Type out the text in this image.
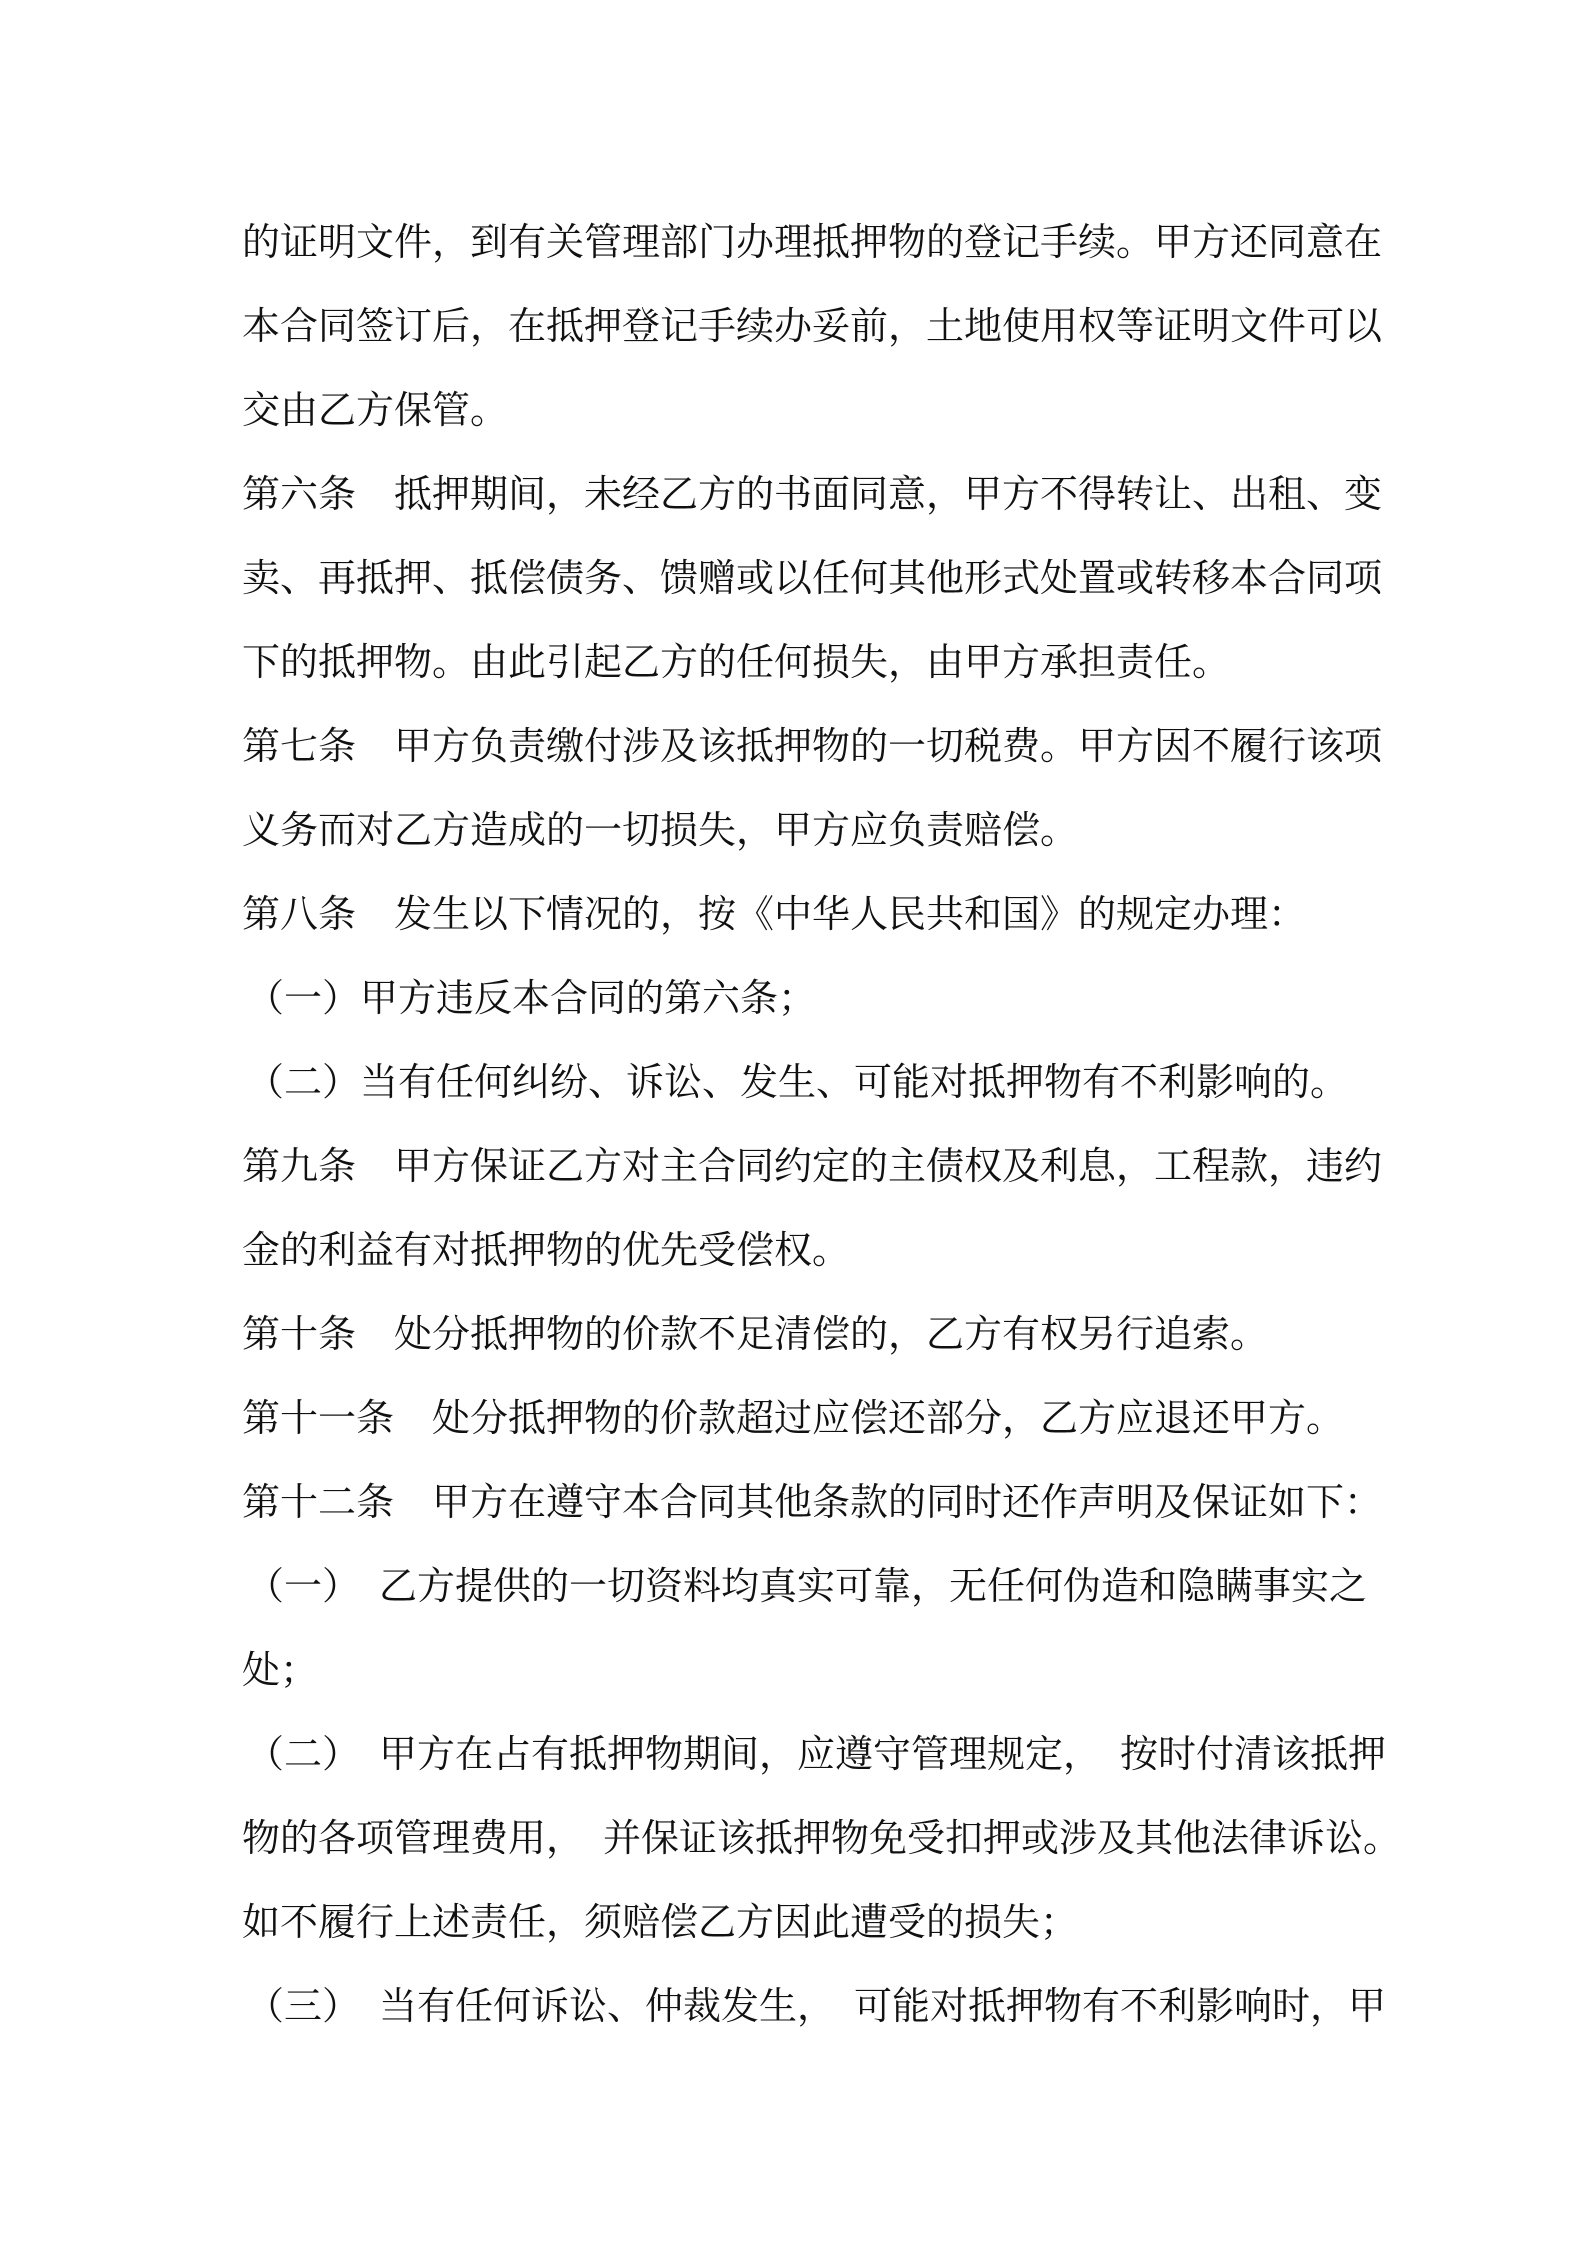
的证明文件，到有关管理部门办理抵押物的登记手续。甲方还同意在
本合同签订后，在抵押登记手续办妥前，土地使用权等证明文件可以
交由乙方保管。
第六条　抵押期间，未经乙方的书面同意，甲方不得转让、出租、变
卖、再抵押、抵偿债务、馈赠或以任何其他形式处置或转移本合同项
下的抵押物。由此引起乙方的任何损失，由甲方承担责任。
第七条　甲方负责缴付涉及该抵押物的一切税费。甲方因不履行该项
义务而对乙方造成的一切损失，甲方应负责赔偿。
第八条　发生以下情况的，按《中华人民共和国》的规定办理：
（一）甲方违反本合同的第六条；
（二）当有任何纠纷、诉讼、发生、可能对抵押物有不利影响的。
第九条　甲方保证乙方对主合同约定的主债权及利息，工程款，违约
金的利益有对抵押物的优先受偿权。
第十条　处分抵押物的价款不足清偿的，乙方有权另行追索。
第十一条　处分抵押物的价款超过应偿还部分，乙方应退还甲方。
第十二条　甲方在遵守本合同其他条款的同时还作声明及保证如下：
（一）　乙方提供的一切资料均真实可靠，无任何伪造和隐瞒事实之
处；
（二）　甲方在占有抵押物期间，应遵守管理规定，　按时付清该抵押
物的各项管理费用，　并保证该抵押物免受扣押或涉及其他法律诉讼。
如不履行上述责任，须赔偿乙方因此遭受的损失；
（三）　当有任何诉讼、仲裁发生，　可能对抵押物有不利影响时，甲
